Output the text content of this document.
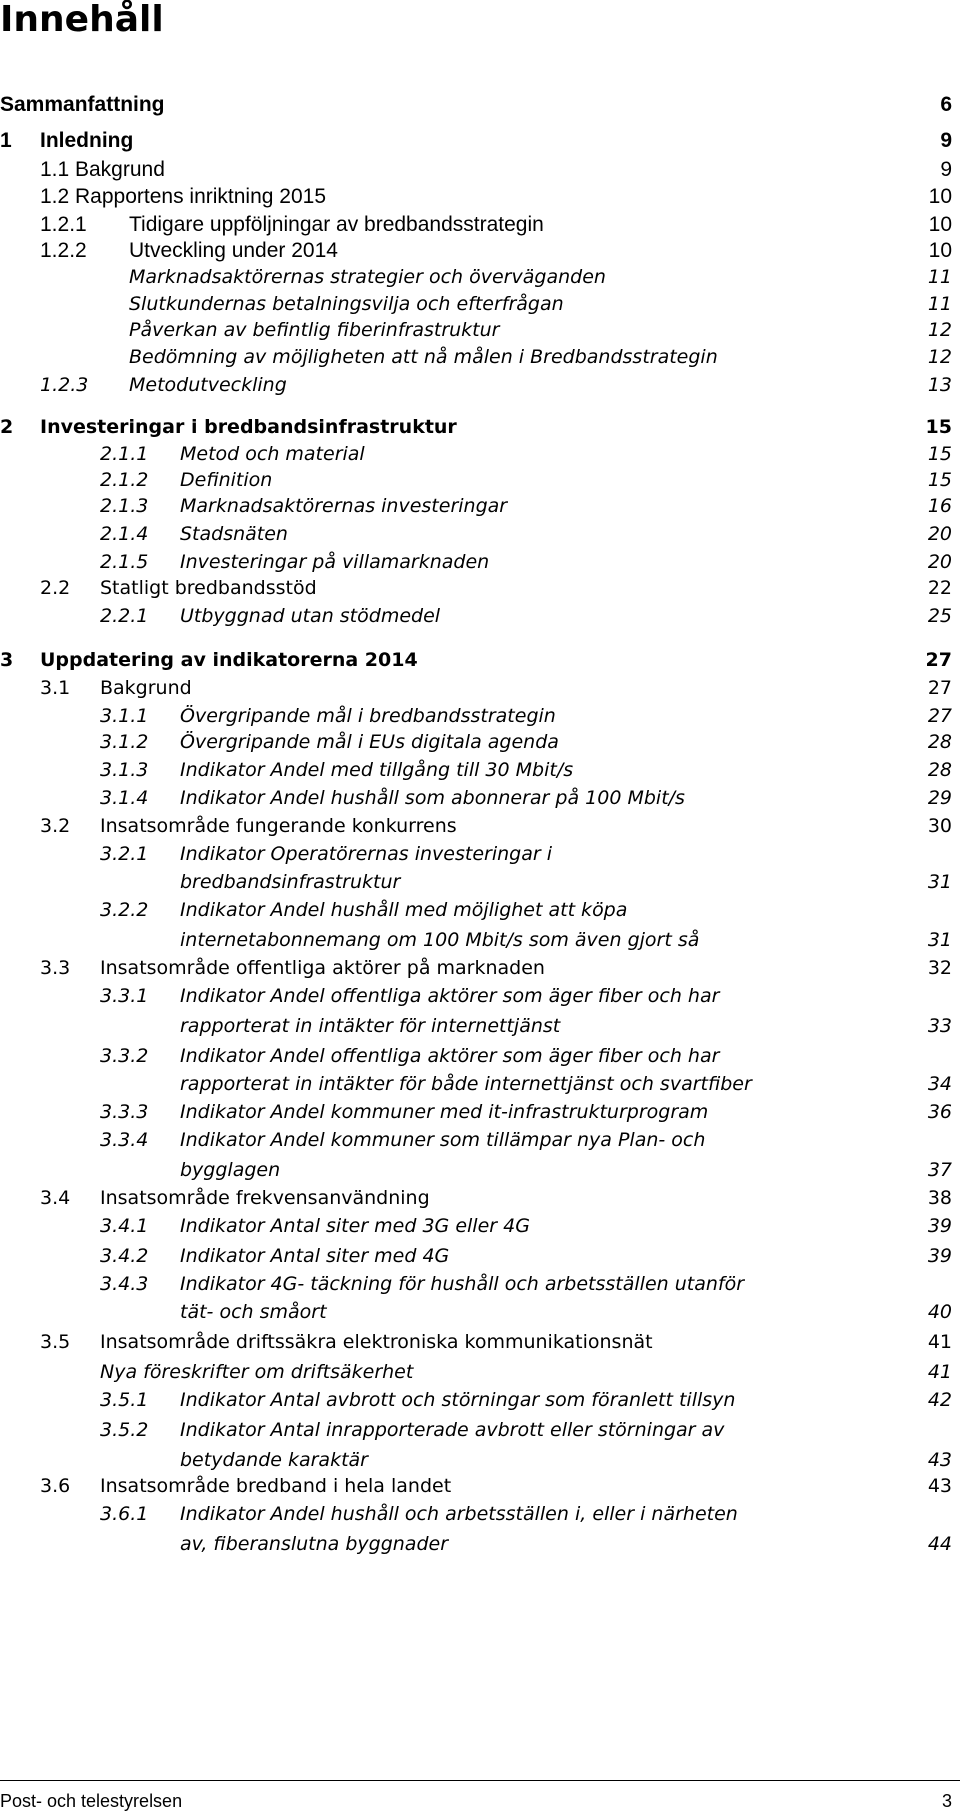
Innehåll
Sammanfattning	6
1 Inledning	9
1.1 Bakgrund	9
1.2 Rapportens inriktning 2015	10
1.2.1 Tidigare uppföljningar av bredbandsstrategin	10
1.2.2 Utveckling under 2014	10
Marknadsaktörernas strategier och överväganden	11
Slutkundernas betalningsvilja och efterfrågan	11
Påverkan av befintlig fiberinfrastruktur	12
Bedömning av möjligheten att nå målen i Bredbandsstrategin	12
1.2.3 Metodutveckling	13
2 Investeringar i bredbandsinfrastruktur	15
2.1.1 Metod och material	15
2.1.2 Definition	15
2.1.3 Marknadsaktörernas investeringar	16
2.1.4 Stadsnäten	20
2.1.5 Investeringar på villamarknaden	20
2.2 Statligt bredbandsstöd	22
2.2.1 Utbyggnad utan stödmedel	25
3 Uppdatering av indikatorerna 2014	27
3.1 Bakgrund	27
3.1.1 Övergripande mål i bredbandsstrategin	27
3.1.2 Övergripande mål i EUs digitala agenda	28
3.1.3 Indikator Andel med tillgång till 30 Mbit/s	28
3.1.4 Indikator Andel hushåll som abonnerar på 100 Mbit/s	29
3.2 Insatsområde fungerande konkurrens	30
3.2.1 Indikator Operatörernas investeringar i
bredbandsinfrastruktur	31
3.2.2 Indikator Andel hushåll med möjlighet att köpa
internetabonnemang om 100 Mbit/s som även gjort så	31
3.3 Insatsområde offentliga aktörer på marknaden	32
3.3.1 Indikator Andel offentliga aktörer som äger fiber och har
rapporterat in intäkter för internettjänst	33
3.3.2 Indikator Andel offentliga aktörer som äger fiber och har
rapporterat in intäkter för både internettjänst och svartfiber	34
3.3.3 Indikator Andel kommuner med it-infrastrukturprogram	36
3.3.4 Indikator Andel kommuner som tillämpar nya Plan- och
bygglagen	37
3.4 Insatsområde frekvensanvändning	38
3.4.1 Indikator Antal siter med 3G eller 4G	39
3.4.2 Indikator Antal siter med 4G	39
3.4.3 Indikator 4G- täckning för hushåll och arbetsställen utanför
tät- och småort	40
3.5 Insatsområde driftssäkra elektroniska kommunikationsnät	41
Nya föreskrifter om driftsäkerhet	41
3.5.1 Indikator Antal avbrott och störningar som föranlett tillsyn	42
3.5.2 Indikator Antal inrapporterade avbrott eller störningar av
betydande karaktär	43
3.6 Insatsområde bredband i hela landet	43
3.6.1 Indikator Andel hushåll och arbetsställen i, eller i närheten
av, fiberanslutna byggnader	44
Post- och telestyrelsen	3
